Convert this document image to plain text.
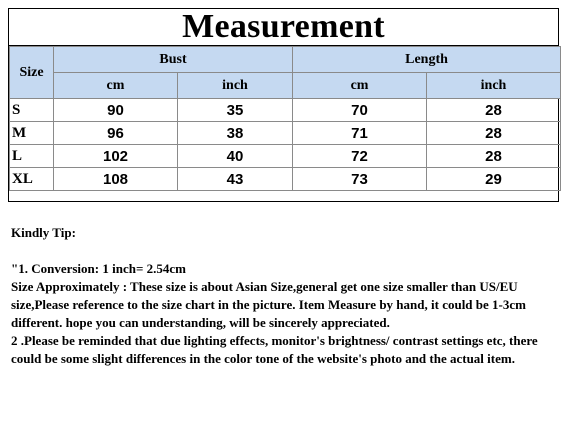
Measurement
Size	Bust		Length	
	cm	inch	cm	inch
S	90	35	70	28
M	96	38	71	28
L	102	40	72	28
XL	108	43	73	29

Kindly Tip:

"1. Conversion: 1 inch= 2.54cm

Size Approximately : These size is about Asian Size,general get one size smaller than US/EU size,Please reference to the size chart in the picture. Item Measure by hand, it could be 1-3cm different. hope you can understanding, will be sincerely appreciated.

2 .Please be reminded that due lighting effects, monitor's brightness/ contrast settings etc, there could be some slight differences in the color tone of the website's photo and the actual item.
